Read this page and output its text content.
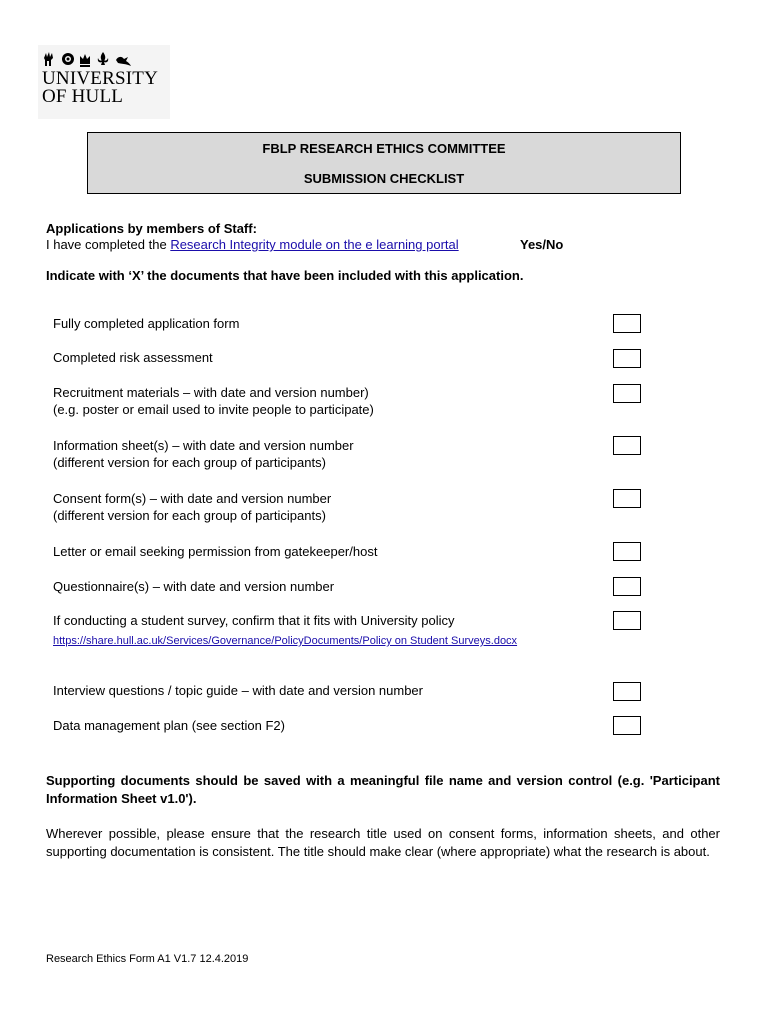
UNIVERSITY
OF HULL
FBLP RESEARCH ETHICS COMMITTEE
SUBMISSION CHECKLIST
Applications by members of Staff:
I have completed the Research Integrity module on the e learning portal	Yes/No
Indicate with ‘X’ the documents that have been included with this application.
Fully completed application form
Completed risk assessment
Recruitment materials – with date and version number)
(e.g. poster or email used to invite people to participate)
Information sheet(s) – with date and version number
(different version for each group of participants)
Consent form(s) – with date and version number
(different version for each group of participants)
Letter or email seeking permission from gatekeeper/host
Questionnaire(s) – with date and version number
If conducting a student survey, confirm that it fits with University policy
https://share.hull.ac.uk/Services/Governance/PolicyDocuments/Policy on Student Surveys.docx
Interview questions / topic guide – with date and version number
Data management plan (see section F2)
Supporting documents should be saved with a meaningful file name and version control (e.g. 'Participant Information Sheet v1.0').
Wherever possible, please ensure that the research title used on consent forms, information sheets, and other supporting documentation is consistent. The title should make clear (where appropriate) what the research is about.
Research Ethics Form A1 V1.7 12.4.2019
